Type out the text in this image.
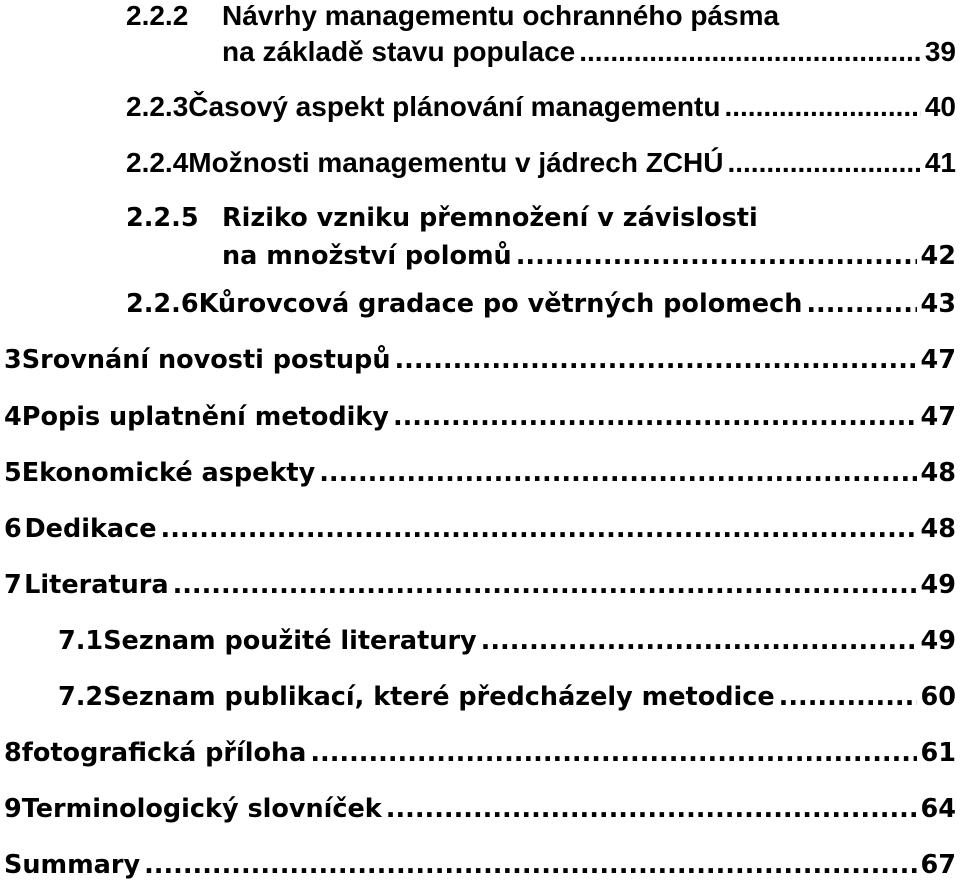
2.2.2	Návrhy managementu ochranného pásma
na základě stavu populace .....	39
2.2.3 Časový aspekt plánování managementu .....	40
2.2.4 Možnosti managementu v jádrech ZCHÚ .....	41
2.2.5 Riziko vzniku přemnožení v závislosti
na množství polomů .....	42
2.2.6 Kůrovcová gradace po větrných polomech .....	43
3 Srovnání novosti postupů .....	47
4 Popis uplatnění metodiky .....	47
5 Ekonomické aspekty .....	48
6 Dedikace .....	48
7 Literatura .....	49
7.1 Seznam použité literatury .....	49
7.2 Seznam publikací, které předcházely metodice .....	60
8 fotografická příloha .....	61
9 Terminologický slovníček .....	64
Summary .....	67
